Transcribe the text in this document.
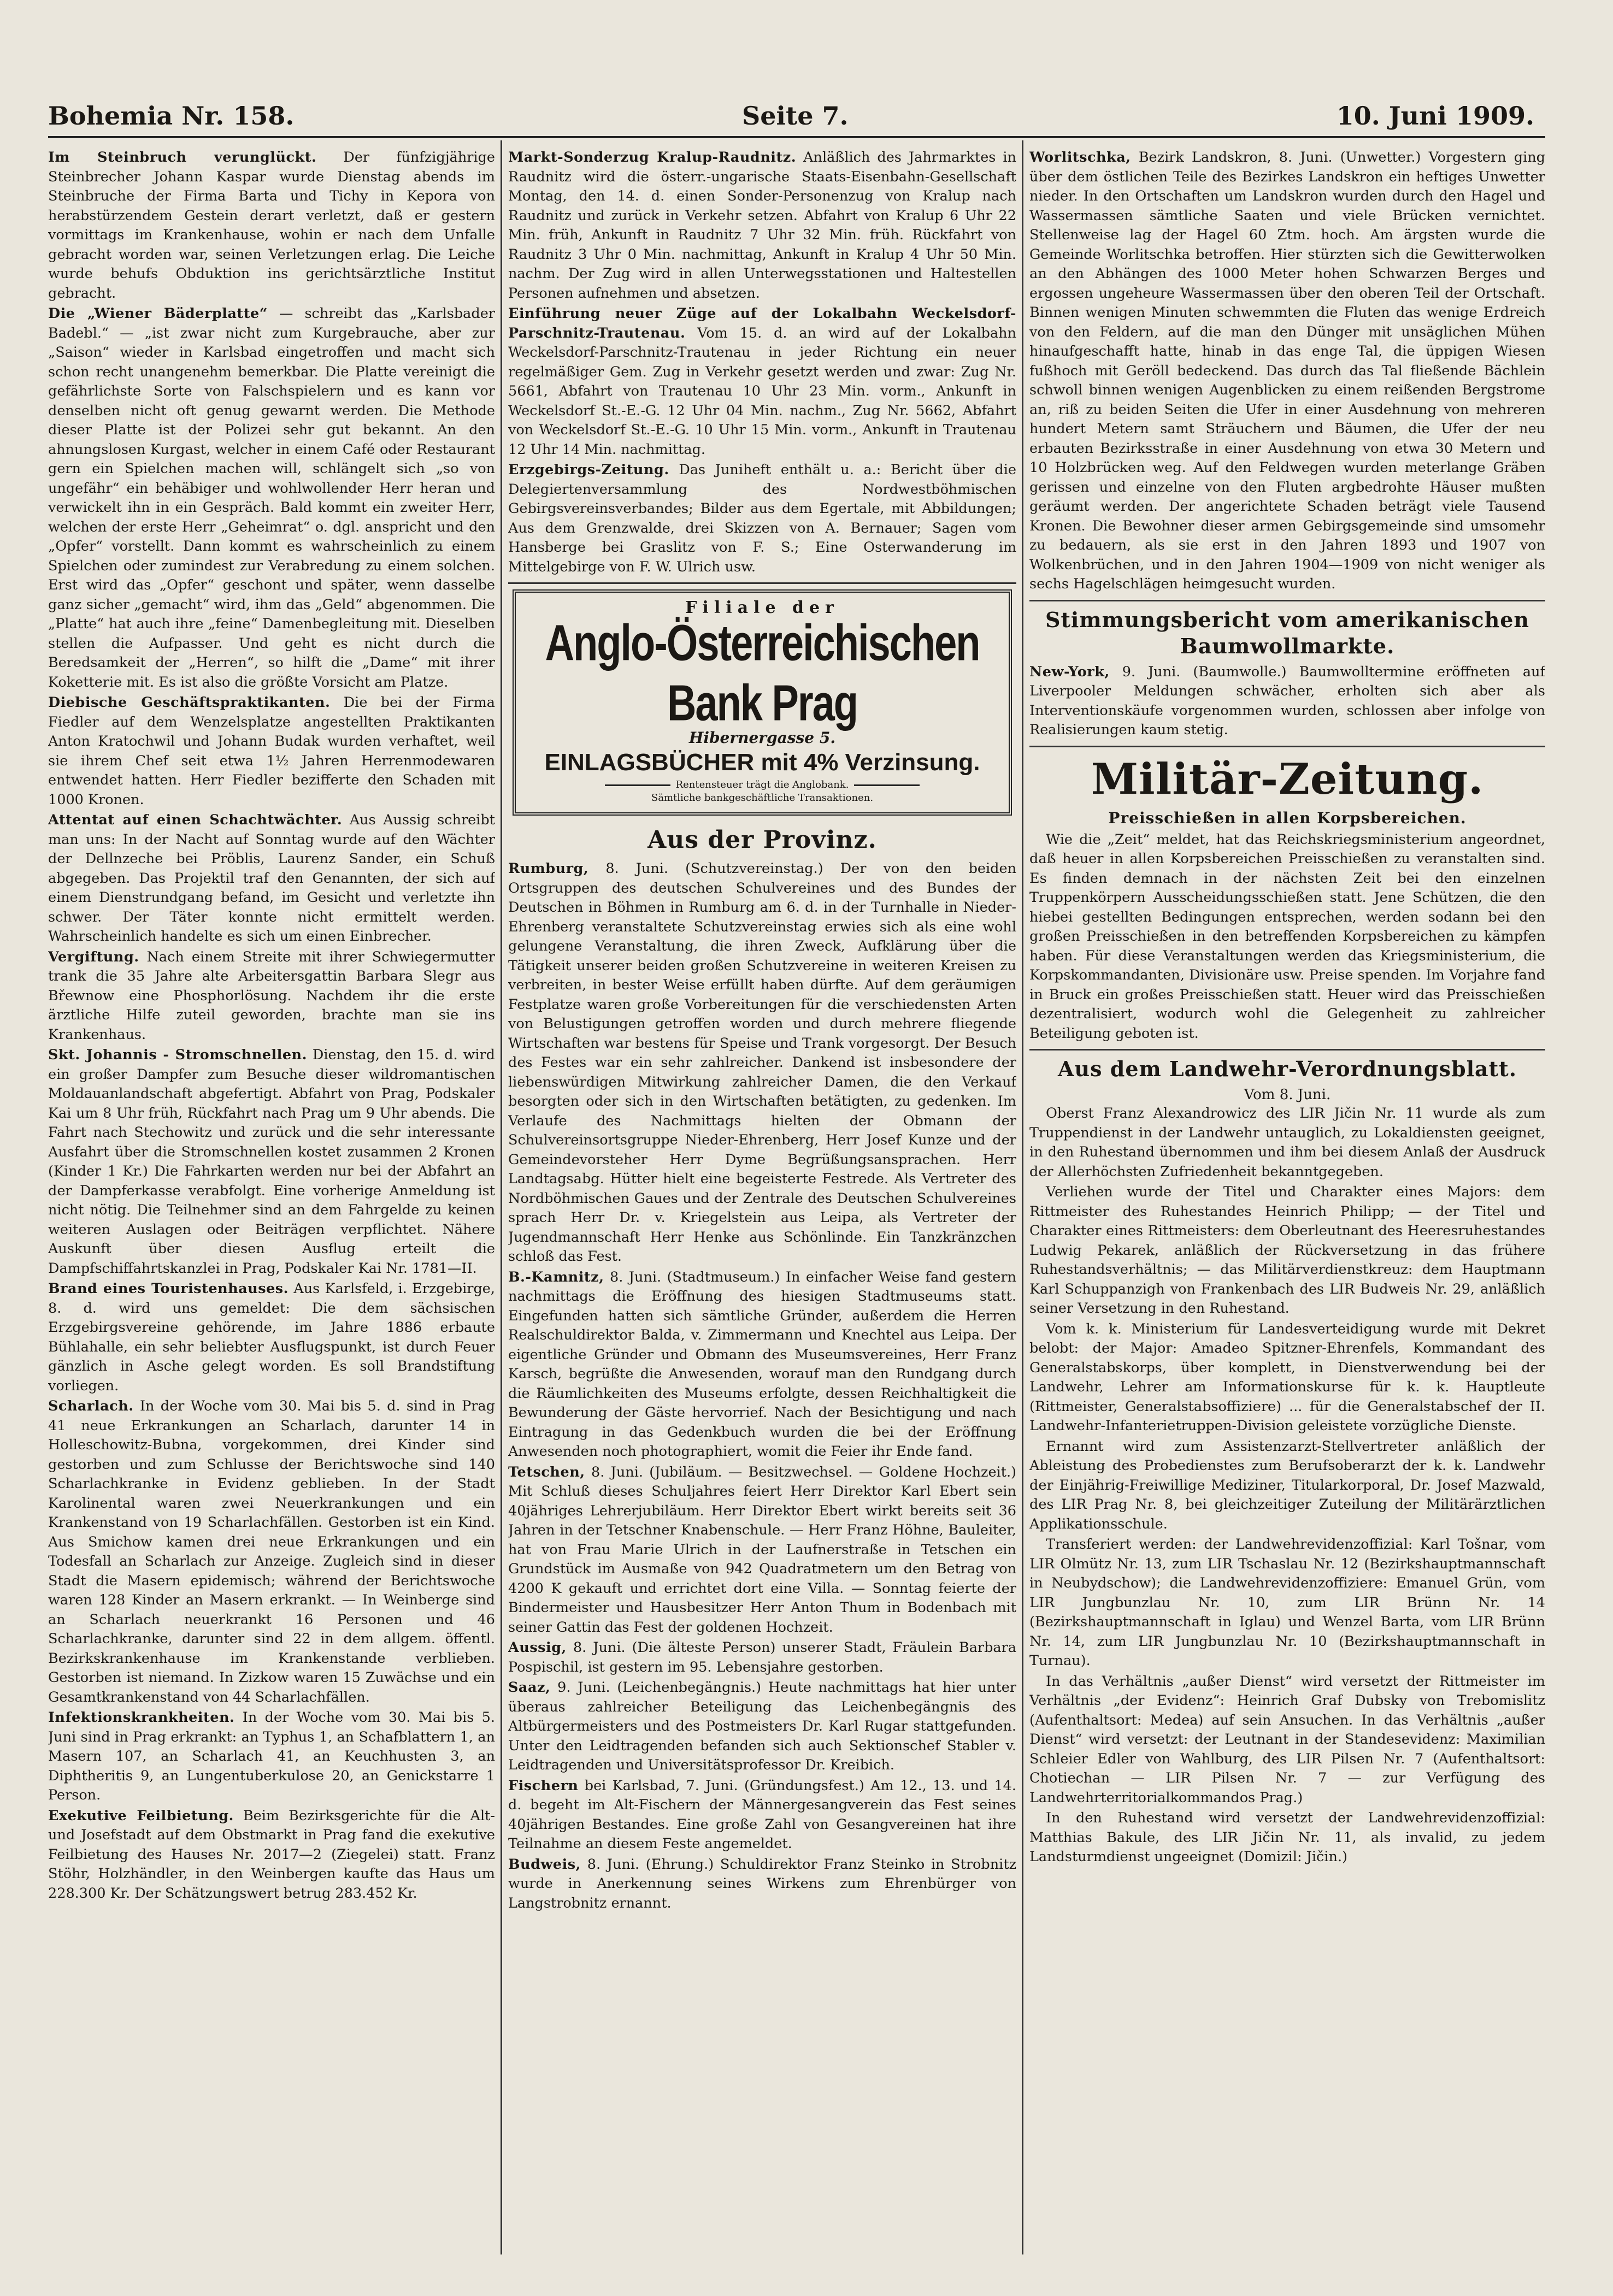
Bohemia Nr. 158.	Seite 7.	10. Juni 1909.

Im Steinbruch verunglückt. Der fünfzigjährige Steinbrecher Johann Kaspar wurde Dienstag abends im Steinbruche der Firma Barta und Tichy in Kepora von herabstürzendem Gestein derart verletzt, daß er gestern vormittags im Krankenhause, wohin er nach dem Unfalle gebracht worden war, seinen Verletzungen erlag. Die Leiche wurde behufs Obduktion ins gerichtsärztliche Institut gebracht.

Die „Wiener Bäderplatte“ — schreibt das „Karlsbader Badebl.“ — „ist zwar nicht zum Kurgebrauche, aber zur „Saison“ wieder in Karlsbad eingetroffen und macht sich schon recht unangenehm bemerkbar. Die Platte vereinigt die gefährlichste Sorte von Falschspielern und es kann vor denselben nicht oft genug gewarnt werden. Die Methode dieser Platte ist der Polizei sehr gut bekannt. An den ahnungslosen Kurgast, welcher in einem Café oder Restaurant gern ein Spielchen machen will, schlängelt sich „so von ungefähr“ ein behäbiger und wohlwollender Herr heran und verwickelt ihn in ein Gespräch. Bald kommt ein zweiter Herr, welchen der erste Herr „Geheimrat“ o. dgl. anspricht und den „Opfer“ vorstellt. Dann kommt es wahrscheinlich zu einem Spielchen oder zumindest zur Verabredung zu einem solchen. Erst wird das „Opfer“ geschont und später, wenn dasselbe ganz sicher „gemacht“ wird, ihm das „Geld“ abgenommen. Die „Platte“ hat auch ihre „feine“ Damenbegleitung mit. Dieselben stellen die Aufpasser. Und geht es nicht durch die Beredsamkeit der „Herren“, so hilft die „Dame“ mit ihrer Koketterie mit. Es ist also die größte Vorsicht am Platze.

Diebische Geschäftspraktikanten. Die bei der Firma Fiedler auf dem Wenzelsplatze angestellten Praktikanten Anton Kratochwil und Johann Budak wurden verhaftet, weil sie ihrem Chef seit etwa 1½ Jahren Herrenmodewaren entwendet hatten. Herr Fiedler bezifferte den Schaden mit 1000 Kronen.

Attentat auf einen Schachtwächter. Aus Aussig schreibt man uns: In der Nacht auf Sonntag wurde auf den Wächter der Dellnzeche bei Pröblis, Laurenz Sander, ein Schuß abgegeben. Das Projektil traf den Genannten, der sich auf einem Dienstrundgang befand, im Gesicht und verletzte ihn schwer. Der Täter konnte nicht ermittelt werden. Wahrscheinlich handelte es sich um einen Einbrecher.

Vergiftung. Nach einem Streite mit ihrer Schwiegermutter trank die 35 Jahre alte Arbeitersgattin Barbara Slegr aus Břewnow eine Phosphorlösung. Nachdem ihr die erste ärztliche Hilfe zuteil geworden, brachte man sie ins Krankenhaus.

Skt. Johannis - Stromschnellen. Dienstag, den 15. d. wird ein großer Dampfer zum Besuche dieser wildromantischen Moldauanlandschaft abgefertigt. Abfahrt von Prag, Podskaler Kai um 8 Uhr früh, Rückfahrt nach Prag um 9 Uhr abends. Die Fahrt nach Stechowitz und zurück und die sehr interessante Ausfahrt über die Stromschnellen kostet zusammen 2 Kronen (Kinder 1 Kr.) Die Fahrkarten werden nur bei der Abfahrt an der Dampferkasse verabfolgt. Eine vorherige Anmeldung ist nicht nötig. Die Teilnehmer sind an dem Fahrgelde zu keinen weiteren Auslagen oder Beiträgen verpflichtet. Nähere Auskunft über diesen Ausflug erteilt die Dampfschiffahrtskanzlei in Prag, Podskaler Kai Nr. 1781—II.

Brand eines Touristenhauses. Aus Karlsfeld, i. Erzgebirge, 8. d. wird uns gemeldet: Die dem sächsischen Erzgebirgsvereine gehörende, im Jahre 1886 erbaute Bühlahalle, ein sehr beliebter Ausflugspunkt, ist durch Feuer gänzlich in Asche gelegt worden. Es soll Brandstiftung vorliegen.

Scharlach. In der Woche vom 30. Mai bis 5. d. sind in Prag 41 neue Erkrankungen an Scharlach, darunter 14 in Holleschowitz-Bubna, vorgekommen, drei Kinder sind gestorben und zum Schlusse der Berichtswoche sind 140 Scharlachkranke in Evidenz geblieben. In der Stadt Karolinental waren zwei Neuerkrankungen und ein Krankenstand von 19 Scharlachfällen. Gestorben ist ein Kind. Aus Smichow kamen drei neue Erkrankungen und ein Todesfall an Scharlach zur Anzeige. Zugleich sind in dieser Stadt die Masern epidemisch; während der Berichtswoche waren 128 Kinder an Masern erkrankt. — In Weinberge sind an Scharlach neuerkrankt 16 Personen und 46 Scharlachkranke, darunter sind 22 in dem allgem. öffentl. Bezirkskrankenhause im Krankenstande verblieben. Gestorben ist niemand. In Zizkow waren 15 Zuwächse und ein Gesamtkrankenstand von 44 Scharlachfällen.

Infektionskrankheiten. In der Woche vom 30. Mai bis 5. Juni sind in Prag erkrankt: an Typhus 1, an Schafblattern 1, an Masern 107, an Scharlach 41, an Keuchhusten 3, an Diphtheritis 9, an Lungentuberkulose 20, an Genickstarre 1 Person.

Exekutive Feilbietung. Beim Bezirksgerichte für die Alt- und Josefstadt auf dem Obstmarkt in Prag fand die exekutive Feilbietung des Hauses Nr. 2017—2 (Ziegelei) statt. Franz Stöhr, Holzhändler, in den Weinbergen kaufte das Haus um 228.300 Kr. Der Schätzungswert betrug 283.452 Kr.

Markt-Sonderzug Kralup-Raudnitz. Anläßlich des Jahrmarktes in Raudnitz wird die österr.-ungarische Staats-Eisenbahn-Gesellschaft Montag, den 14. d. einen Sonder-Personenzug von Kralup nach Raudnitz und zurück in Verkehr setzen. Abfahrt von Kralup 6 Uhr 22 Min. früh, Ankunft in Raudnitz 7 Uhr 32 Min. früh. Rückfahrt von Raudnitz 3 Uhr 0 Min. nachmittag, Ankunft in Kralup 4 Uhr 50 Min. nachm. Der Zug wird in allen Unterwegsstationen und Haltestellen Personen aufnehmen und absetzen.

Einführung neuer Züge auf der Lokalbahn Weckelsdorf-Parschnitz-Trautenau. Vom 15. d. an wird auf der Lokalbahn Weckelsdorf-Parschnitz-Trautenau in jeder Richtung ein neuer regelmäßiger Gem. Zug in Verkehr gesetzt werden und zwar: Zug Nr. 5661, Abfahrt von Trautenau 10 Uhr 23 Min. vorm., Ankunft in Weckelsdorf St.-E.-G. 12 Uhr 04 Min. nachm., Zug Nr. 5662, Abfahrt von Weckelsdorf St.-E.-G. 10 Uhr 15 Min. vorm., Ankunft in Trautenau 12 Uhr 14 Min. nachmittag.

Erzgebirgs-Zeitung. Das Juniheft enthält u. a.: Bericht über die Delegiertenversammlung des Nordwestböhmischen Gebirgsvereinsverbandes; Bilder aus dem Egertale, mit Abbildungen; Aus dem Grenzwalde, drei Skizzen von A. Bernauer; Sagen vom Hansberge bei Graslitz von F. S.; Eine Osterwanderung im Mittelgebirge von F. W. Ulrich usw.

Filiale der
Anglo-Österreichischen Bank Prag
Hibernergasse 5.
EINLAGSBÜCHER mit 4% Verzinsung.
Rentensteuer trägt die Anglobank.
Sämtliche bankgeschäftliche Transaktionen.
Aus der Provinz.

Rumburg, 8. Juni. (Schutzvereinstag.) Der von den beiden Ortsgruppen des deutschen Schulvereines und des Bundes der Deutschen in Böhmen in Rumburg am 6. d. in der Turnhalle in Nieder-Ehrenberg veranstaltete Schutzvereinstag erwies sich als eine wohl gelungene Veranstaltung, die ihren Zweck, Aufklärung über die Tätigkeit unserer beiden großen Schutzvereine in weiteren Kreisen zu verbreiten, in bester Weise erfüllt haben dürfte. Auf dem geräumigen Festplatze waren große Vorbereitungen für die verschiedensten Arten von Belustigungen getroffen worden und durch mehrere fliegende Wirtschaften war bestens für Speise und Trank vorgesorgt. Der Besuch des Festes war ein sehr zahlreicher. Dankend ist insbesondere der liebenswürdigen Mitwirkung zahlreicher Damen, die den Verkauf besorgten oder sich in den Wirtschaften betätigten, zu gedenken. Im Verlaufe des Nachmittags hielten der Obmann der Schulvereinsortsgruppe Nieder-Ehrenberg, Herr Josef Kunze und der Gemeindevorsteher Herr Dyme Begrüßungsansprachen. Herr Landtagsabg. Hütter hielt eine begeisterte Festrede. Als Vertreter des Nordböhmischen Gaues und der Zentrale des Deutschen Schulvereines sprach Herr Dr. v. Kriegelstein aus Leipa, als Vertreter der Jugendmannschaft Herr Henke aus Schönlinde. Ein Tanzkränzchen schloß das Fest.

B.-Kamnitz, 8. Juni. (Stadtmuseum.) In einfacher Weise fand gestern nachmittags die Eröffnung des hiesigen Stadtmuseums statt. Eingefunden hatten sich sämtliche Gründer, außerdem die Herren Realschuldirektor Balda, v. Zimmermann und Knechtel aus Leipa. Der eigentliche Gründer und Obmann des Museumsvereines, Herr Franz Karsch, begrüßte die Anwesenden, worauf man den Rundgang durch die Räumlichkeiten des Museums erfolgte, dessen Reichhaltigkeit die Bewunderung der Gäste hervorrief. Nach der Besichtigung und nach Eintragung in das Gedenkbuch wurden die bei der Eröffnung Anwesenden noch photographiert, womit die Feier ihr Ende fand.

Tetschen, 8. Juni. (Jubiläum. — Besitzwechsel. — Goldene Hochzeit.) Mit Schluß dieses Schuljahres feiert Herr Direktor Karl Ebert sein 40jähriges Lehrerjubiläum. Herr Direktor Ebert wirkt bereits seit 36 Jahren in der Tetschner Knabenschule. — Herr Franz Höhne, Bauleiter, hat von Frau Marie Ulrich in der Laufnerstraße in Tetschen ein Grundstück im Ausmaße von 942 Quadratmetern um den Betrag von 4200 K gekauft und errichtet dort eine Villa. — Sonntag feierte der Bindermeister und Hausbesitzer Herr Anton Thum in Bodenbach mit seiner Gattin das Fest der goldenen Hochzeit.

Aussig, 8. Juni. (Die älteste Person) unserer Stadt, Fräulein Barbara Pospischil, ist gestern im 95. Lebensjahre gestorben.

Saaz, 9. Juni. (Leichenbegängnis.) Heute nachmittags hat hier unter überaus zahlreicher Beteiligung das Leichenbegängnis des Altbürgermeisters und des Postmeisters Dr. Karl Rugar stattgefunden. Unter den Leidtragenden befanden sich auch Sektionschef Stabler v. Leidtragenden und Universitätsprofessor Dr. Kreibich.

Fischern bei Karlsbad, 7. Juni. (Gründungsfest.) Am 12., 13. und 14. d. begeht im Alt-Fischern der Männergesangverein das Fest seines 40jährigen Bestandes. Eine große Zahl von Gesangvereinen hat ihre Teilnahme an diesem Feste angemeldet.

Budweis, 8. Juni. (Ehrung.) Schuldirektor Franz Steinko in Strobnitz wurde in Anerkennung seines Wirkens zum Ehrenbürger von Langstrobnitz ernannt.

Worlitschka, Bezirk Landskron, 8. Juni. (Unwetter.) Vorgestern ging über dem östlichen Teile des Bezirkes Landskron ein heftiges Unwetter nieder. In den Ortschaften um Landskron wurden durch den Hagel und Wassermassen sämtliche Saaten und viele Brücken vernichtet. Stellenweise lag der Hagel 60 Ztm. hoch. Am ärgsten wurde die Gemeinde Worlitschka betroffen. Hier stürzten sich die Gewitterwolken an den Abhängen des 1000 Meter hohen Schwarzen Berges und ergossen ungeheure Wassermassen über den oberen Teil der Ortschaft. Binnen wenigen Minuten schwemmten die Fluten das wenige Erdreich von den Feldern, auf die man den Dünger mit unsäglichen Mühen hinaufgeschafft hatte, hinab in das enge Tal, die üppigen Wiesen fußhoch mit Geröll bedeckend. Das durch das Tal fließende Bächlein schwoll binnen wenigen Augenblicken zu einem reißenden Bergstrome an, riß zu beiden Seiten die Ufer in einer Ausdehnung von mehreren hundert Metern samt Sträuchern und Bäumen, die Ufer der neu erbauten Bezirksstraße in einer Ausdehnung von etwa 30 Metern und 10 Holzbrücken weg. Auf den Feldwegen wurden meterlange Gräben gerissen und einzelne von den Fluten argbedrohte Häuser mußten geräumt werden. Der angerichtete Schaden beträgt viele Tausend Kronen. Die Bewohner dieser armen Gebirgsgemeinde sind umsomehr zu bedauern, als sie erst in den Jahren 1893 und 1907 von Wolkenbrüchen, und in den Jahren 1904—1909 von nicht weniger als sechs Hagelschlägen heimgesucht wurden.

Stimmungsbericht vom amerikanischen Baumwollmarkte.

New-York, 9. Juni. (Baumwolle.) Baumwolltermine eröffneten auf Liverpooler Meldungen schwächer, erholten sich aber als Interventionskäufe vorgenommen wurden, schlossen aber infolge von Realisierungen kaum stetig.

Militär-Zeitung.
Preisschießen in allen Korpsbereichen.

Wie die „Zeit“ meldet, hat das Reichskriegsministerium angeordnet, daß heuer in allen Korpsbereichen Preisschießen zu veranstalten sind. Es finden demnach in der nächsten Zeit bei den einzelnen Truppenkörpern Ausscheidungsschießen statt. Jene Schützen, die den hiebei gestellten Bedingungen entsprechen, werden sodann bei den großen Preisschießen in den betreffenden Korpsbereichen zu kämpfen haben. Für diese Veranstaltungen werden das Kriegsministerium, die Korpskommandanten, Divisionäre usw. Preise spenden. Im Vorjahre fand in Bruck ein großes Preisschießen statt. Heuer wird das Preisschießen dezentralisiert, wodurch wohl die Gelegenheit zu zahlreicher Beteiligung geboten ist.

Aus dem Landwehr-Verordnungsblatt.
Vom 8. Juni.

Oberst Franz Alexandrowicz des LIR Jičin Nr. 11 wurde als zum Truppendienst in der Landwehr untauglich, zu Lokaldiensten geeignet, in den Ruhestand übernommen und ihm bei diesem Anlaß der Ausdruck der Allerhöchsten Zufriedenheit bekanntgegeben.

Verliehen wurde der Titel und Charakter eines Majors: dem Rittmeister des Ruhestandes Heinrich Philipp; — der Titel und Charakter eines Rittmeisters: dem Oberleutnant des Heeresruhestandes Ludwig Pekarek, anläßlich der Rückversetzung in das frühere Ruhestandsverhältnis; — das Militärverdienstkreuz: dem Hauptmann Karl Schuppanzigh von Frankenbach des LIR Budweis Nr. 29, anläßlich seiner Versetzung in den Ruhestand.

Vom k. k. Ministerium für Landesverteidigung wurde mit Dekret belobt: der Major: Amadeo Spitzner-Ehrenfels, Kommandant des Generalstabskorps, über komplett, in Dienstverwendung bei der Landwehr, Lehrer am Informationskurse für k. k. Hauptleute (Rittmeister, Generalstabsoffiziere) ... für die Generalstabschef der II. Landwehr-Infanterietruppen-Division geleistete vorzügliche Dienste.

Ernannt wird zum Assistenzarzt-Stellvertreter anläßlich der Ableistung des Probedienstes zum Berufsoberarzt der k. k. Landwehr der Einjährig-Freiwillige Mediziner, Titularkorporal, Dr. Josef Mazwald, des LIR Prag Nr. 8, bei gleichzeitiger Zuteilung der Militärärztlichen Applikationsschule.

Transferiert werden: der Landwehrevidenzoffizial: Karl Tošnar, vom LIR Olmütz Nr. 13, zum LIR Tschaslau Nr. 12 (Bezirkshauptmannschaft in Neubydschow); die Landwehrevidenzoffiziere: Emanuel Grün, vom LIR Jungbunzlau Nr. 10, zum LIR Brünn Nr. 14 (Bezirkshauptmannschaft in Iglau) und Wenzel Barta, vom LIR Brünn Nr. 14, zum LIR Jungbunzlau Nr. 10 (Bezirkshauptmannschaft in Turnau).

In das Verhältnis „außer Dienst“ wird versetzt der Rittmeister im Verhältnis „der Evidenz“: Heinrich Graf Dubsky von Trebomislitz (Aufenthaltsort: Medea) auf sein Ansuchen. In das Verhältnis „außer Dienst“ wird versetzt: der Leutnant in der Standesevidenz: Maximilian Schleier Edler von Wahlburg, des LIR Pilsen Nr. 7 (Aufenthaltsort: Chotiechan — LIR Pilsen Nr. 7 — zur Verfügung des Landwehrterritorialkommandos Prag.)

In den Ruhestand wird versetzt der Landwehrevidenzoffizial: Matthias Bakule, des LIR Jičin Nr. 11, als invalid, zu jedem Landsturmdienst ungeeignet (Domizil: Jičin.)
